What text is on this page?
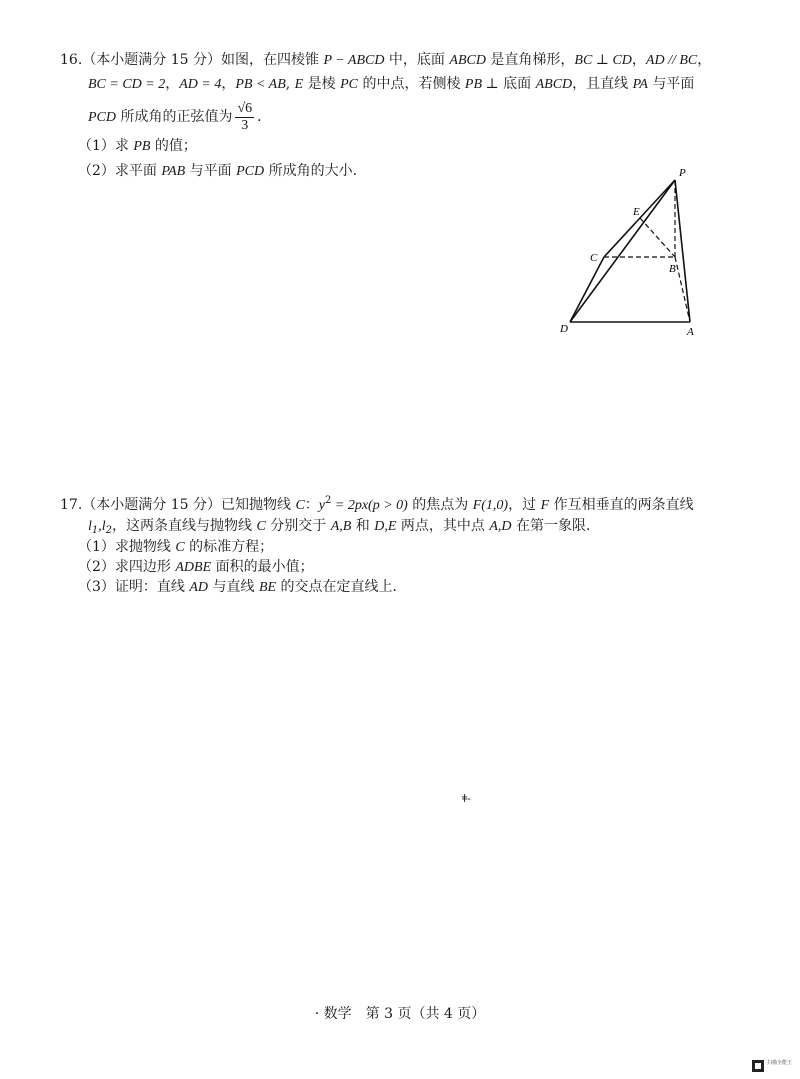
16.（本小题满分 15 分）如图，在四棱锥 P − ABCD 中，底面 ABCD 是直角梯形，BC ⊥ CD，AD // BC，
BC = CD = 2，AD = 4，PB < AB, E 是棱 PC 的中点，若侧棱 PB ⊥ 底面 ABCD，且直线 PA 与平面
PCD 所成角的正弦值为 $\frac{√6}{3}$ ．
（1）求 PB 的值；
（2）求平面 PAB 与平面 PCD 所成角的大小.	P
E
C
B
D	A
17.（本小题满分 15 分）已知抛物线 C：$y^2 = 2px(p > 0)$ 的焦点为 F(1,0)，过 F 作互相垂直的两条直线
$l_1,l_2$，这两条直线与抛物线 C 分别交于 A,B 和 D,E 两点，其中点 A,D 在第一象限．
（1）求抛物线 C 的标准方程；
（2）求四边形 ADBE 面积的最小值；
（3）证明：直线 AD 与直线 BE 的交点在定直线上．
ǂ-
· 数学　第 3 页（共 4 页）
扫描全能王
